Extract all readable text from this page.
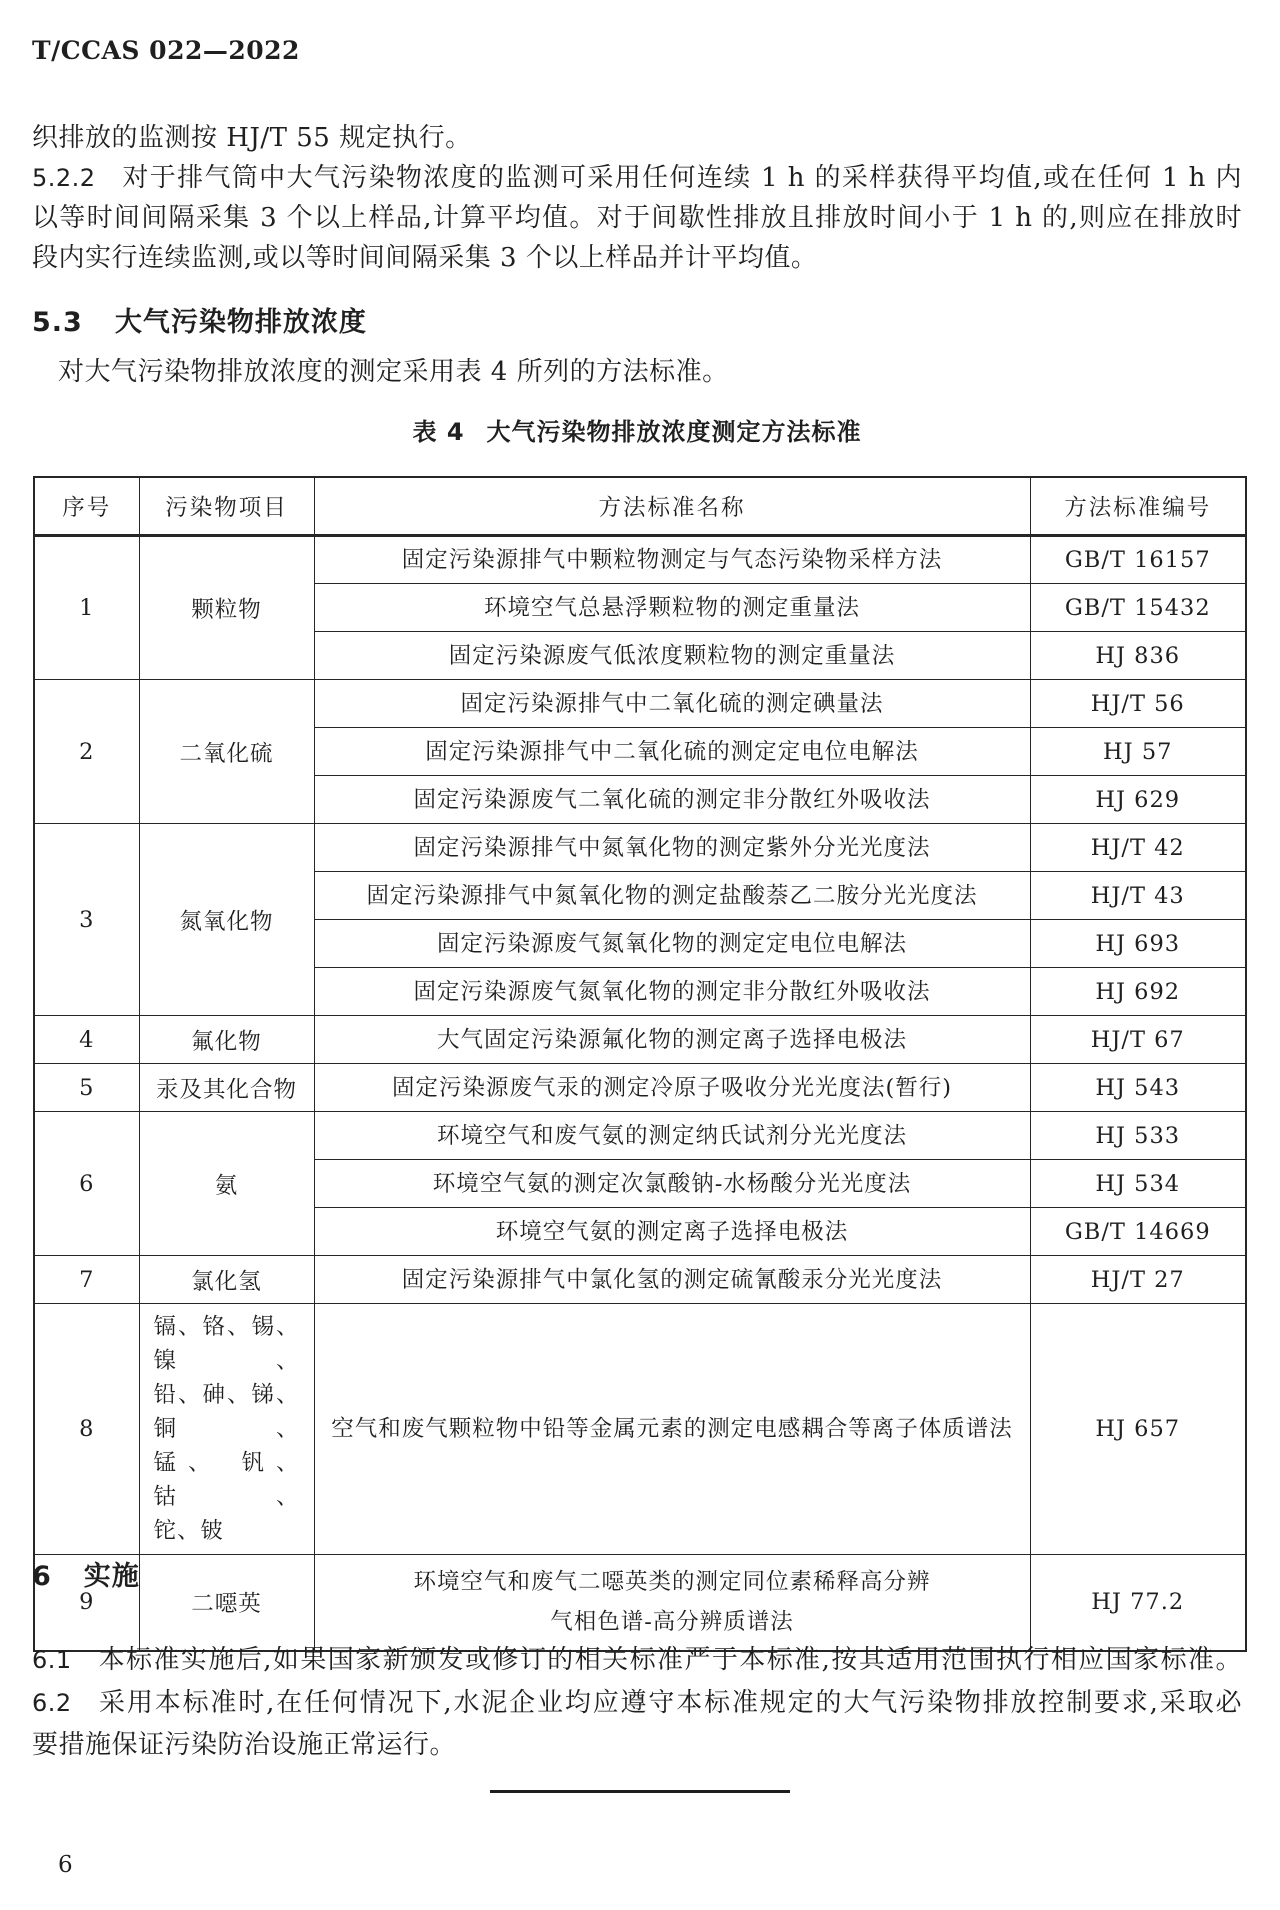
T/CCAS 022—2022
织排放的监测按 HJ/T 55 规定执行。
5.2.2 对于排气筒中大气污染物浓度的监测可采用任何连续 1 h 的采样获得平均值,或在任何 1 h 内
以等时间间隔采集 3 个以上样品,计算平均值。对于间歇性排放且排放时间小于 1 h 的,则应在排放时
段内实行连续监测,或以等时间间隔采集 3 个以上样品并计平均值。
5.3 大气污染物排放浓度
对大气污染物排放浓度的测定采用表 4 所列的方法标准。
表 4 大气污染物排放浓度测定方法标准
序号	污染物项目	方法标准名称	方法标准编号
1	颗粒物	固定污染源排气中颗粒物测定与气态污染物采样方法	GB/T 16157

		环境空气总悬浮颗粒物的测定重量法	GB/T 15432

		固定污染源废气低浓度颗粒物的测定重量法	HJ 836
2	二氧化硫	固定污染源排气中二氧化硫的测定碘量法	HJ/T 56

		固定污染源排气中二氧化硫的测定定电位电解法	HJ 57

		固定污染源废气二氧化硫的测定非分散红外吸收法	HJ 629
3	氮氧化物	固定污染源排气中氮氧化物的测定紫外分光光度法	HJ/T 42

		固定污染源排气中氮氧化物的测定盐酸萘乙二胺分光光度法	HJ/T 43

		固定污染源废气氮氧化物的测定定电位电解法	HJ 693

		固定污染源废气氮氧化物的测定非分散红外吸收法	HJ 692
4	氟化物	大气固定污染源氟化物的测定离子选择电极法	HJ/T 67
5	汞及其化合物	固定污染源废气汞的测定冷原子吸收分光光度法(暂行)	HJ 543
6	氨	环境空气和废气氨的测定纳氏试剂分光光度法	HJ 533

		环境空气氨的测定次氯酸钠-水杨酸分光光度法	HJ 534

		环境空气氨的测定离子选择电极法	GB/T 14669
7	氯化氢	固定污染源排气中氯化氢的测定硫氰酸汞分光光度法	HJ/T 27
8	镉、铬、锡、镍、
铅、砷、锑、铜、
锰、 钒、 钴、
铊、铍	空气和废气颗粒物中铅等金属元素的测定电感耦合等离子体质谱法	HJ 657
9	二噁英	环境空气和废气二噁英类的测定同位素稀释高分辨
气相色谱-高分辨质谱法	HJ 77.2
6 实施
6.1 本标准实施后,如果国家新颁发或修订的相关标准严于本标准,按其适用范围执行相应国家标准。
6.2 采用本标准时,在任何情况下,水泥企业均应遵守本标准规定的大气污染物排放控制要求,采取必
要措施保证污染防治设施正常运行。
6
